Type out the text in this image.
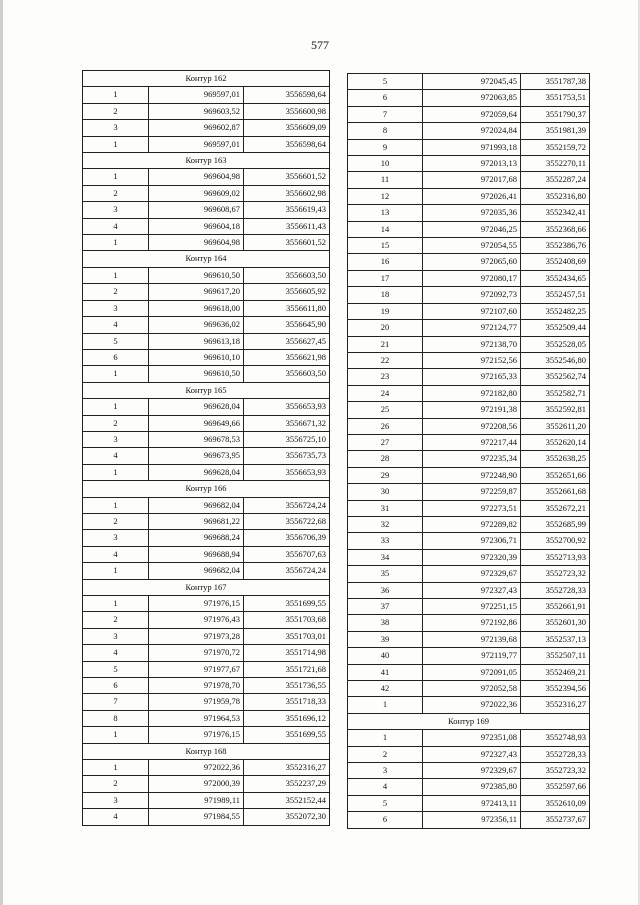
577
Контур 162		
1	969597,01	3556598,64
2	969603,52	3556600,98
3	969602,87	3556609,09
1	969597,01	3556598,64
Контур 163		
1	969604,98	3556601,52
2	969609,02	3556602,98
3	969608,67	3556619,43
4	969604,18	3556611,43
1	969604,98	3556601,52
Контур 164		
1	969610,50	3556603,50
2	969617,20	3556605,92
3	969618,00	3556611,80
4	969636,02	3556645,90
5	969613,18	3556627,45
6	969610,10	3556621,98
1	969610,50	3556603,50
Контур 165		
1	969628,04	3556653,93
2	969649,66	3556671,32
3	969678,53	3556725,10
4	969673,95	3556735,73
1	969628,04	3556653,93
Контур 166		
1	969682,04	3556724,24
2	969681,22	3556722,68
3	969688,24	3556706,39
4	969688,94	3556707,63
1	969682,04	3556724,24
Контур 167		
1	971976,15	3551699,55
2	971976,43	3551703,68
3	971973,28	3551703,01
4	971970,72	3551714,98
5	971977,67	3551721,68
6	971978,70	3551736,55
7	971959,78	3551718,33
8	971964,53	3551696,12
1	971976,15	3551699,55
Контур 168		
1	972022,36	3552316,27
2	972000,39	3552237,29
3	971989,11	3552152,44
4	971984,55	3552072,30
5	972045,45	3551787,38
6	972063,85	3551753,51
7	972059,64	3551790,37
8	972024,84	3551981,39
9	971993,18	3552159,72
10	972013,13	3552270,11
11	972017,68	3552287,24
12	972026,41	3552316,80
13	972035,36	3552342,41
14	972046,25	3552368,66
15	972054,55	3552386,76
16	972065,60	3552408,69
17	972080,17	3552434,65
18	972092,73	3552457,51
19	972107,60	3552482,25
20	972124,77	3552509,44
21	972138,70	3552528,05
22	972152,56	3552546,80
23	972165,33	3552562,74
24	972182,80	3552582,71
25	972191,38	3552592,81
26	972208,56	3552611,20
27	972217,44	3552620,14
28	972235,34	3552638,25
29	972248,90	3552651,66
30	972259,87	3552661,68
31	972273,51	3552672,21
32	972289,82	3552685,99
33	972306,71	3552700,92
34	972320,39	3552713,93
35	972329,67	3552723,32
36	972327,43	3552728,33
37	972251,15	3552661,91
38	972192,86	3552601,30
39	972139,68	3552537,13
40	972119,77	3552507,11
41	972091,05	3552469,21
42	972052,58	3552394,56
1	972022,36	3552316,27
Контур 169		
1	972351,08	3552748,93
2	972327,43	3552728,33
3	972329,67	3552723,32
4	972385,80	3552597,66
5	972413,11	3552610,09
6	972356,11	3552737,67
